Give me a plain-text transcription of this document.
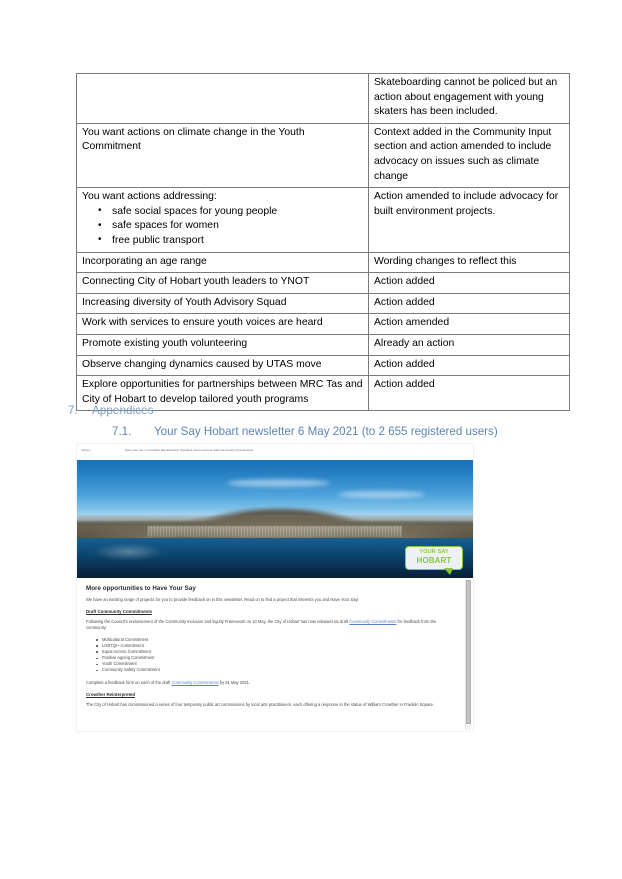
	Skateboarding cannot be policed but an action about engagement with young skaters has been included.
You want actions on climate change in the Youth Commitment	Context added in the Community Input section and action amended to include advocacy on issues such as climate change
You want actions addressing:
• safe social spaces for young people
• safe spaces for women
• free public transport
	Action amended to include advocacy for built environment projects.
Incorporating an age range	Wording changes to reflect this
Connecting City of Hobart youth leaders to YNOT	Action added
Increasing diversity of Youth Advisory Squad	Action added
Work with services to ensure youth voices are heard	Action amended
Promote existing youth volunteering	Already an action
Observe changing dynamics caused by UTAS move	Action added
Explore opportunities for partnerships between MRC Tas and City of Hobart to develop tailored youth programs	Action added
7. Appendices
7.1. Your Say Hobart newsletter 6 May 2021 (to 2 655 registered users)
Subject	Have your say on Crowther Reinterpreted, Speakers Corner and our draft Community Commitments
YOUR SAY
HOBART
More opportunities to Have Your Say

We have an exciting range of projects for you to provide feedback on in this newsletter. Read on to find a project that interests you and Have Your Say!

Draft Community Commitments

Following the Council's endorsement of the Community Inclusion and Equity Framework on 10 May, the City of Hobart has now released six draft Community Commitments for feedback from the community:

Multicultural Commitment
LGBTQI+ Commitment
Equal Access Commitment
Positive Ageing Commitment
Youth Commitment
Community Safety Commitment

Complete a feedback form on each of the draft Community Commitments by 31 May 2021.

Crowther Reinterpreted

The City of Hobart has commissioned a series of four temporary public art commissions by local arts practitioners, each offering a response to the statue of William Crowther in Franklin Square.
